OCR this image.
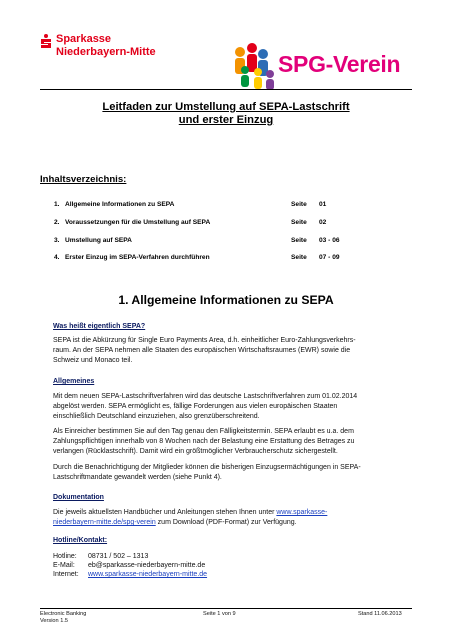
Sparkasse
Niederbayern-Mitte	SPG-Verein
Leitfaden zur Umstellung auf SEPA-Lastschrift
und erster Einzug
Inhaltsverzeichnis:
1. Allgemeine Informationen zu SEPA	Seite 01
2. Voraussetzungen für die Umstellung auf SEPA	Seite 02
3. Umstellung auf SEPA	Seite 03 - 06
4. Erster Einzug im SEPA-Verfahren durchführen	Seite 07 - 09
1. Allgemeine Informationen zu SEPA
Was heißt eigentlich SEPA?
SEPA ist die Abkürzung für Single Euro Payments Area, d.h. einheitlicher Euro-Zahlungsverkehrs-
raum. An der SEPA nehmen alle Staaten des europäischen Wirtschaftsraumes (EWR) sowie die
Schweiz und Monaco teil.
Allgemeines
Mit dem neuen SEPA-Lastschriftverfahren wird das deutsche Lastschriftverfahren zum 01.02.2014
abgelöst werden. SEPA ermöglicht es, fällige Forderungen aus vielen europäischen Staaten
einschließlich Deutschland einzuziehen, also grenzüberschreitend.
Als Einreicher bestimmen Sie auf den Tag genau den Fälligkeitstermin. SEPA erlaubt es u.a. dem
Zahlungspflichtigen innerhalb von 8 Wochen nach der Belastung eine Erstattung des Betrages zu
verlangen (Rücklastschrift). Damit wird ein größtmöglicher Verbraucherschutz sichergestellt.
Durch die Benachrichtigung der Mitglieder können die bisherigen Einzugsermächtigungen in SEPA-
Lastschriftmandate gewandelt werden (siehe Punkt 4).
Dokumentation
Die jeweils aktuellsten Handbücher und Anleitungen stehen Ihnen unter www.sparkasse-
niederbayern-mitte.de/spg-verein zum Download (PDF-Format) zur Verfügung.
Hotline/Kontakt:
Hotline: 08731 / 502 – 1313
E-Mail: eb@sparkasse-niederbayern-mitte.de
Internet: www.sparkasse-niederbayern-mitte.de
Electronic Banking
Version 1.5
Seite 1 von 9	Stand 11.06.2013
